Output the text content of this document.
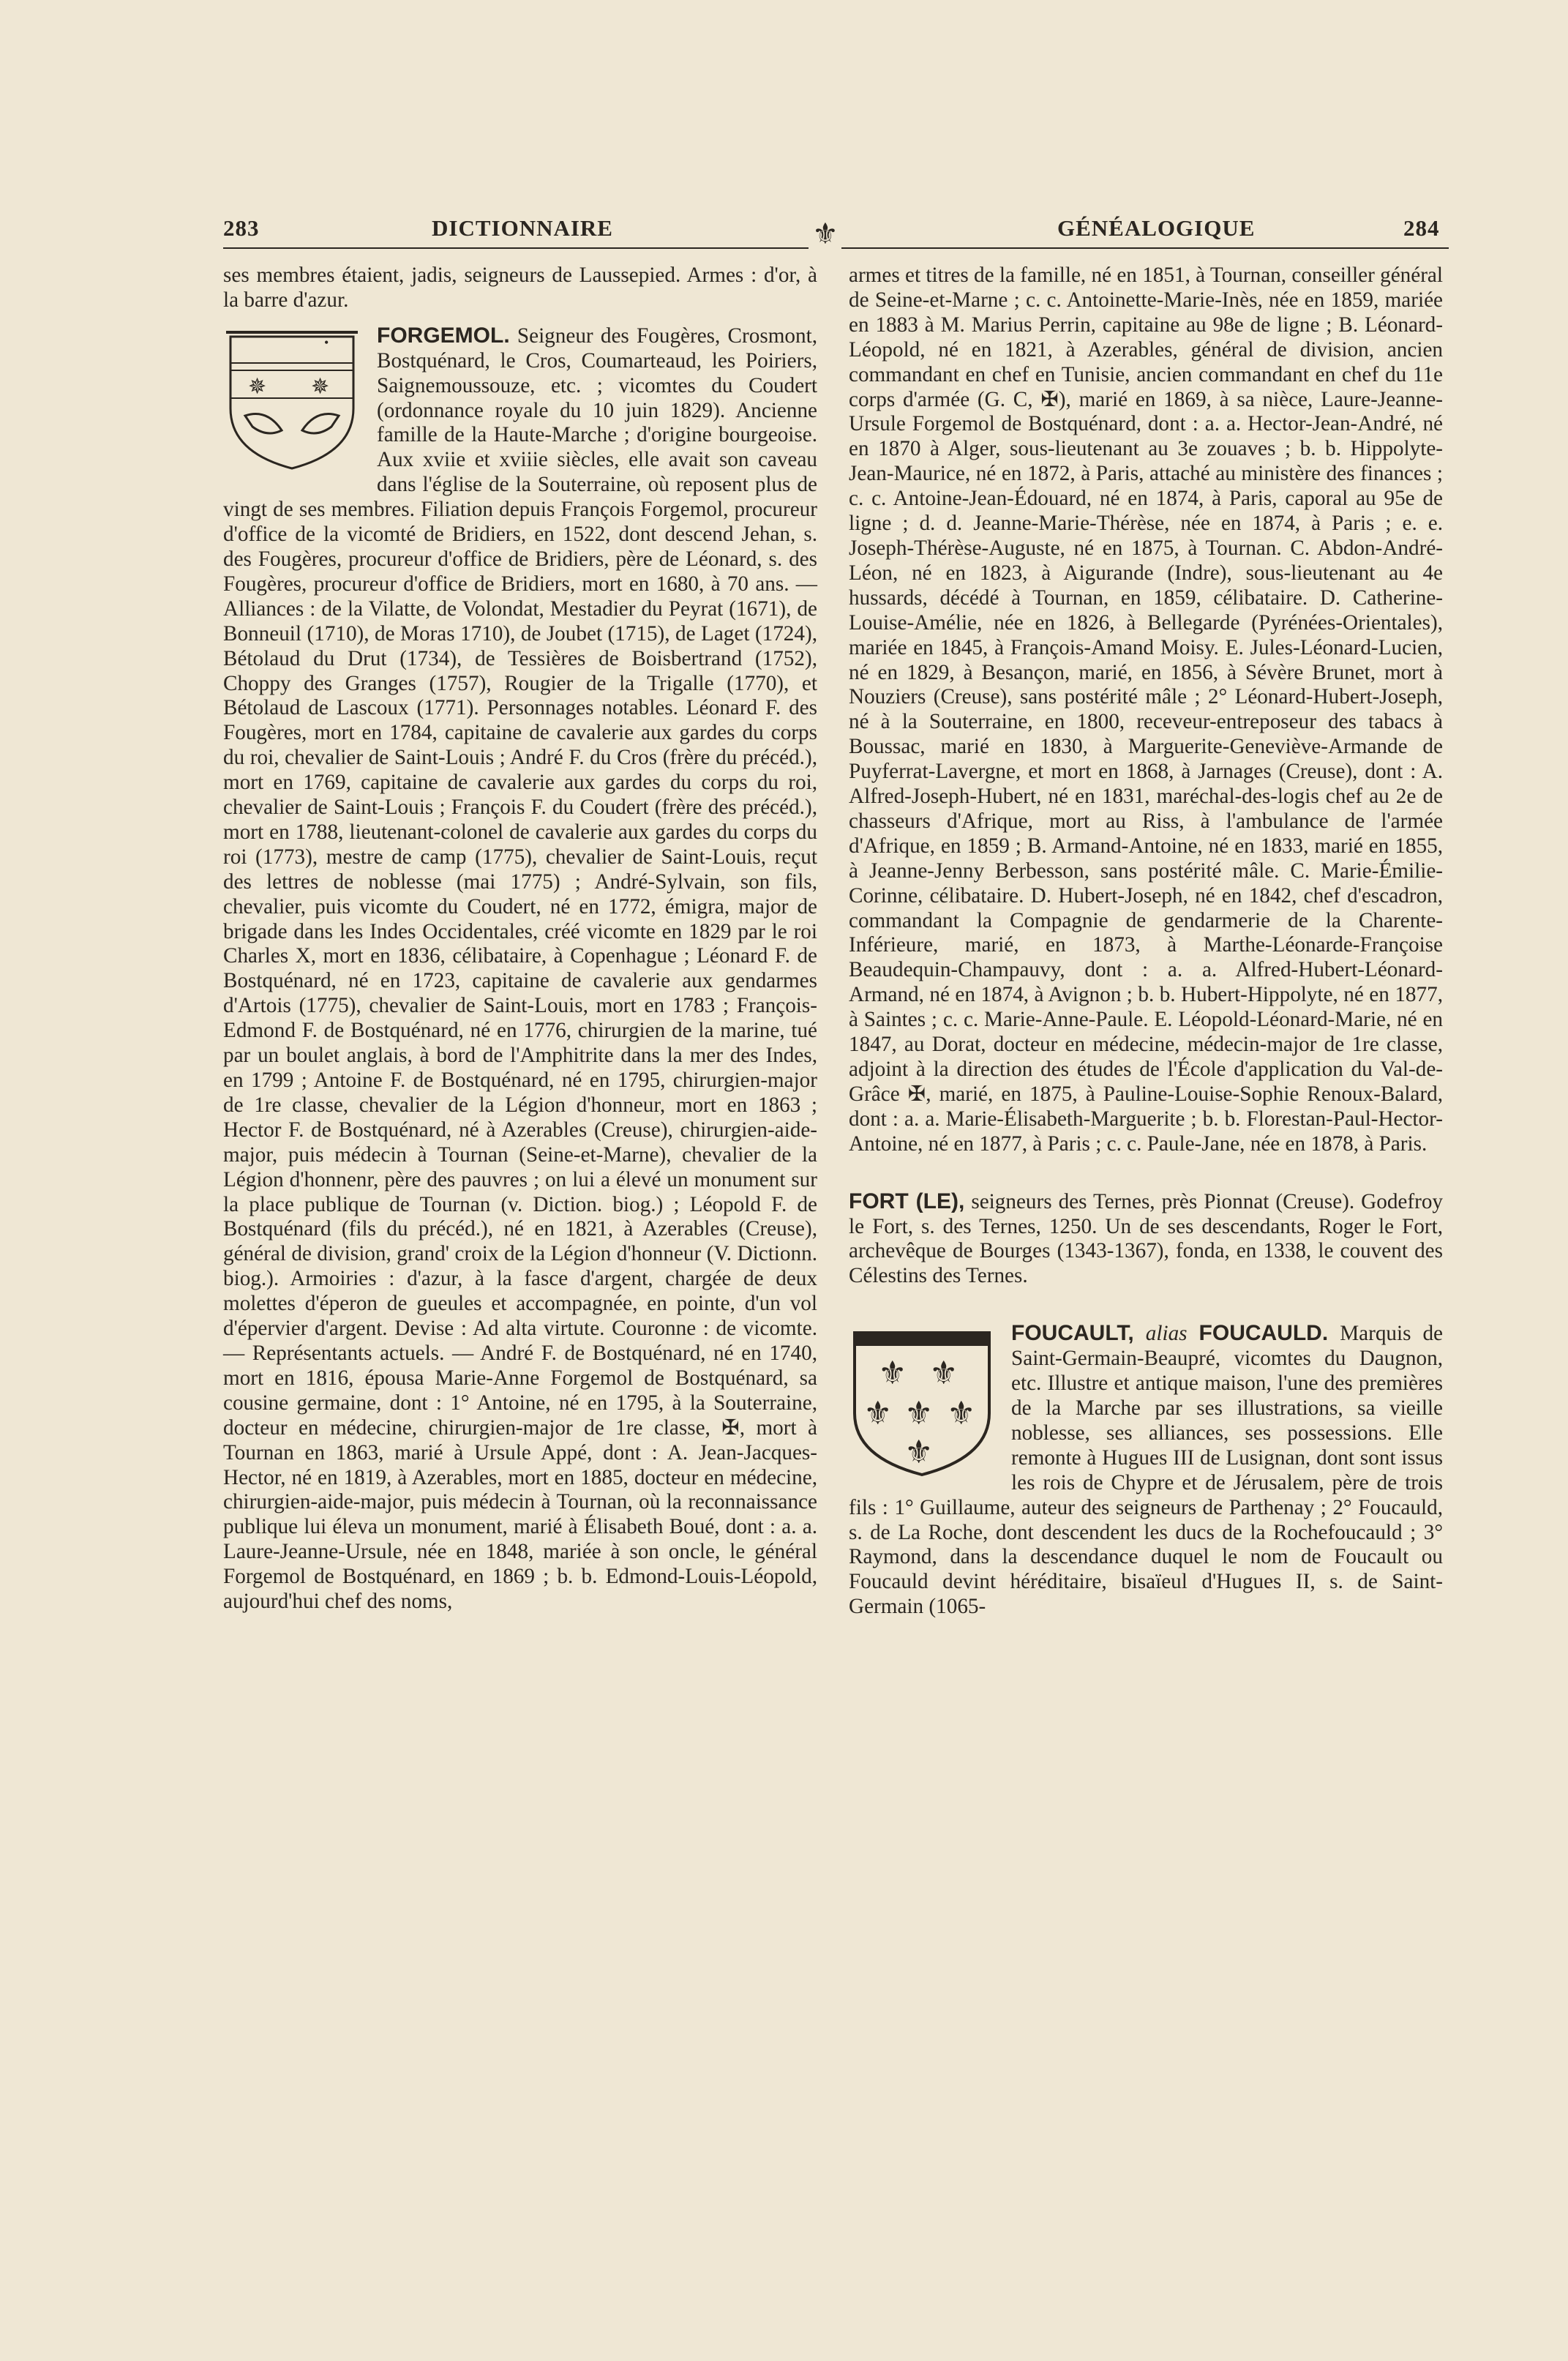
283	DICTIONNAIRE	⚜	GÉNÉALOGIQUE	284

ses membres étaient, jadis, seigneurs de Laussepied. Armes : d'or, à la barre d'azur.

✵ ✵
•	FORGEMOL. Seigneur des Fougères, Crosmont, Bostquénard, le Cros, Coumarteaud, les Poiriers, Saignemoussouze, etc. ; vicomtes du Coudert (ordonnance royale du 10 juin 1829). Ancienne famille de la Haute-Marche ; d'origine bourgeoise. Aux xviie et xviiie siècles, elle avait son caveau dans l'église de la Souterraine, où reposent plus de vingt de ses membres. Filiation depuis François Forgemol, procureur d'office de la vicomté de Bridiers, en 1522, dont descend Jehan, s. des Fougères, procureur d'office de Bridiers, père de Léonard, s. des Fougères, procureur d'office de Bridiers, mort en 1680, à 70 ans. — Alliances : de la Vilatte, de Volondat, Mestadier du Peyrat (1671), de Bonneuil (1710), de Moras 1710), de Joubet (1715), de Laget (1724), Bétolaud du Drut (1734), de Tessières de Boisbertrand (1752), Choppy des Granges (1757), Rougier de la Trigalle (1770), et Bétolaud de Lascoux (1771). Personnages notables. Léonard F. des Fougères, mort en 1784, capitaine de cavalerie aux gardes du corps du roi, chevalier de Saint-Louis ; André F. du Cros (frère du précéd.), mort en 1769, capitaine de cavalerie aux gardes du corps du roi, chevalier de Saint-Louis ; François F. du Coudert (frère des précéd.), mort en 1788, lieutenant-colonel de cavalerie aux gardes du corps du roi (1773), mestre de camp (1775), chevalier de Saint-Louis, reçut des lettres de noblesse (mai 1775) ; André-Sylvain, son fils, chevalier, puis vicomte du Coudert, né en 1772, émigra, major de brigade dans les Indes Occidentales, créé vicomte en 1829 par le roi Charles X, mort en 1836, célibataire, à Copenhague ; Léonard F. de Bostquénard, né en 1723, capitaine de cavalerie aux gendarmes d'Artois (1775), chevalier de Saint-Louis, mort en 1783 ; François-Edmond F. de Bostquénard, né en 1776, chirurgien de la marine, tué par un boulet anglais, à bord de l'Amphitrite dans la mer des Indes, en 1799 ; Antoine F. de Bostquénard, né en 1795, chirurgien-major de 1re classe, chevalier de la Légion d'honneur, mort en 1863 ; Hector F. de Bostquénard, né à Azerables (Creuse), chirurgien-aide-major, puis médecin à Tournan (Seine-et-Marne), chevalier de la Légion d'honnenr, père des pauvres ; on lui a élevé un monument sur la place publique de Tournan (v. Diction. biog.) ; Léopold F. de Bostquénard (fils du précéd.), né en 1821, à Azerables (Creuse), général de division, grand' croix de la Légion d'honneur (V. Dictionn. biog.). Armoiries : d'azur, à la fasce d'argent, chargée de deux molettes d'éperon de gueules et accompagnée, en pointe, d'un vol d'épervier d'argent. Devise : Ad alta virtute. Couronne : de vicomte. — Représentants actuels. — André F. de Bostquénard, né en 1740, mort en 1816, épousa Marie-Anne Forgemol de Bostquénard, sa cousine germaine, dont : 1° Antoine, né en 1795, à la Souterraine, docteur en médecine, chirurgien-major de 1re classe, ✠, mort à Tournan en 1863, marié à Ursule Appé, dont : A. Jean-Jacques-Hector, né en 1819, à Azerables, mort en 1885, docteur en médecine, chirurgien-aide-major, puis médecin à Tournan, où la reconnaissance publique lui éleva un monument, marié à Élisabeth Boué, dont : a. a. Laure-Jeanne-Ursule, née en 1848, mariée à son oncle, le général Forgemol de Bostquénard, en 1869 ; b. b. Edmond-Louis-Léopold, aujourd'hui chef des noms,

armes et titres de la famille, né en 1851, à Tournan, conseiller général de Seine-et-Marne ; c. c. Antoinette-Marie-Inès, née en 1859, mariée en 1883 à M. Marius Perrin, capitaine au 98e de ligne ; B. Léonard-Léopold, né en 1821, à Azerables, général de division, ancien commandant en chef en Tunisie, ancien commandant en chef du 11e corps d'armée (G. C, ✠), marié en 1869, à sa nièce, Laure-Jeanne-Ursule Forgemol de Bostquénard, dont : a. a. Hector-Jean-André, né en 1870 à Alger, sous-lieutenant au 3e zouaves ; b. b. Hippolyte-Jean-Maurice, né en 1872, à Paris, attaché au ministère des finances ; c. c. Antoine-Jean-Édouard, né en 1874, à Paris, caporal au 95e de ligne ; d. d. Jeanne-Marie-Thérèse, née en 1874, à Paris ; e. e. Joseph-Thérèse-Auguste, né en 1875, à Tournan. C. Abdon-André-Léon, né en 1823, à Aigurande (Indre), sous-lieutenant au 4e hussards, décédé à Tournan, en 1859, célibataire. D. Catherine-Louise-Amélie, née en 1826, à Bellegarde (Pyrénées-Orientales), mariée en 1845, à François-Amand Moisy. E. Jules-Léonard-Lucien, né en 1829, à Besançon, marié, en 1856, à Sévère Brunet, mort à Nouziers (Creuse), sans postérité mâle ; 2° Léonard-Hubert-Joseph, né à la Souterraine, en 1800, receveur-entreposeur des tabacs à Boussac, marié en 1830, à Marguerite-Geneviève-Armande de Puyferrat-Lavergne, et mort en 1868, à Jarnages (Creuse), dont : A. Alfred-Joseph-Hubert, né en 1831, maréchal-des-logis chef au 2e de chasseurs d'Afrique, mort au Riss, à l'ambulance de l'armée d'Afrique, en 1859 ; B. Armand-Antoine, né en 1833, marié en 1855, à Jeanne-Jenny Berbesson, sans postérité mâle. C. Marie-Émilie-Corinne, célibataire. D. Hubert-Joseph, né en 1842, chef d'escadron, commandant la Compagnie de gendarmerie de la Charente-Inférieure, marié, en 1873, à Marthe-Léonarde-Françoise Beaudequin-Champauvy, dont : a. a. Alfred-Hubert-Léonard-Armand, né en 1874, à Avignon ; b. b. Hubert-Hippolyte, né en 1877, à Saintes ; c. c. Marie-Anne-Paule. E. Léopold-Léonard-Marie, né en 1847, au Dorat, docteur en médecine, médecin-major de 1re classe, adjoint à la direction des études de l'École d'application du Val-de-Grâce ✠, marié, en 1875, à Pauline-Louise-Sophie Renoux-Balard, dont : a. a. Marie-Élisabeth-Marguerite ; b. b. Florestan-Paul-Hector-Antoine, né en 1877, à Paris ; c. c. Paule-Jane, née en 1878, à Paris.

FORT (LE), seigneurs des Ternes, près Pionnat (Creuse). Godefroy le Fort, s. des Ternes, 1250. Un de ses descendants, Roger le Fort, archevêque de Bourges (1343-1367), fonda, en 1338, le couvent des Célestins des Ternes.

⚜ ⚜
⚜ ⚜ ⚜
⚜

FOUCAULT, alias FOUCAULD. Marquis de Saint-Germain-Beaupré, vicomtes du Daugnon, etc. Illustre et antique maison, l'une des premières de la Marche par ses illustrations, sa vieille noblesse, ses alliances, ses possessions. Elle remonte à Hugues III de Lusignan, dont sont issus les rois de Chypre et de Jérusalem, père de trois fils : 1° Guillaume, auteur des seigneurs de Parthenay ; 2° Foucauld, s. de La Roche, dont descendent les ducs de la Rochefoucauld ; 3° Raymond, dans la descendance duquel le nom de Foucault ou Foucauld devint héréditaire, bisaïeul d'Hugues II, s. de Saint-Germain (1065-
